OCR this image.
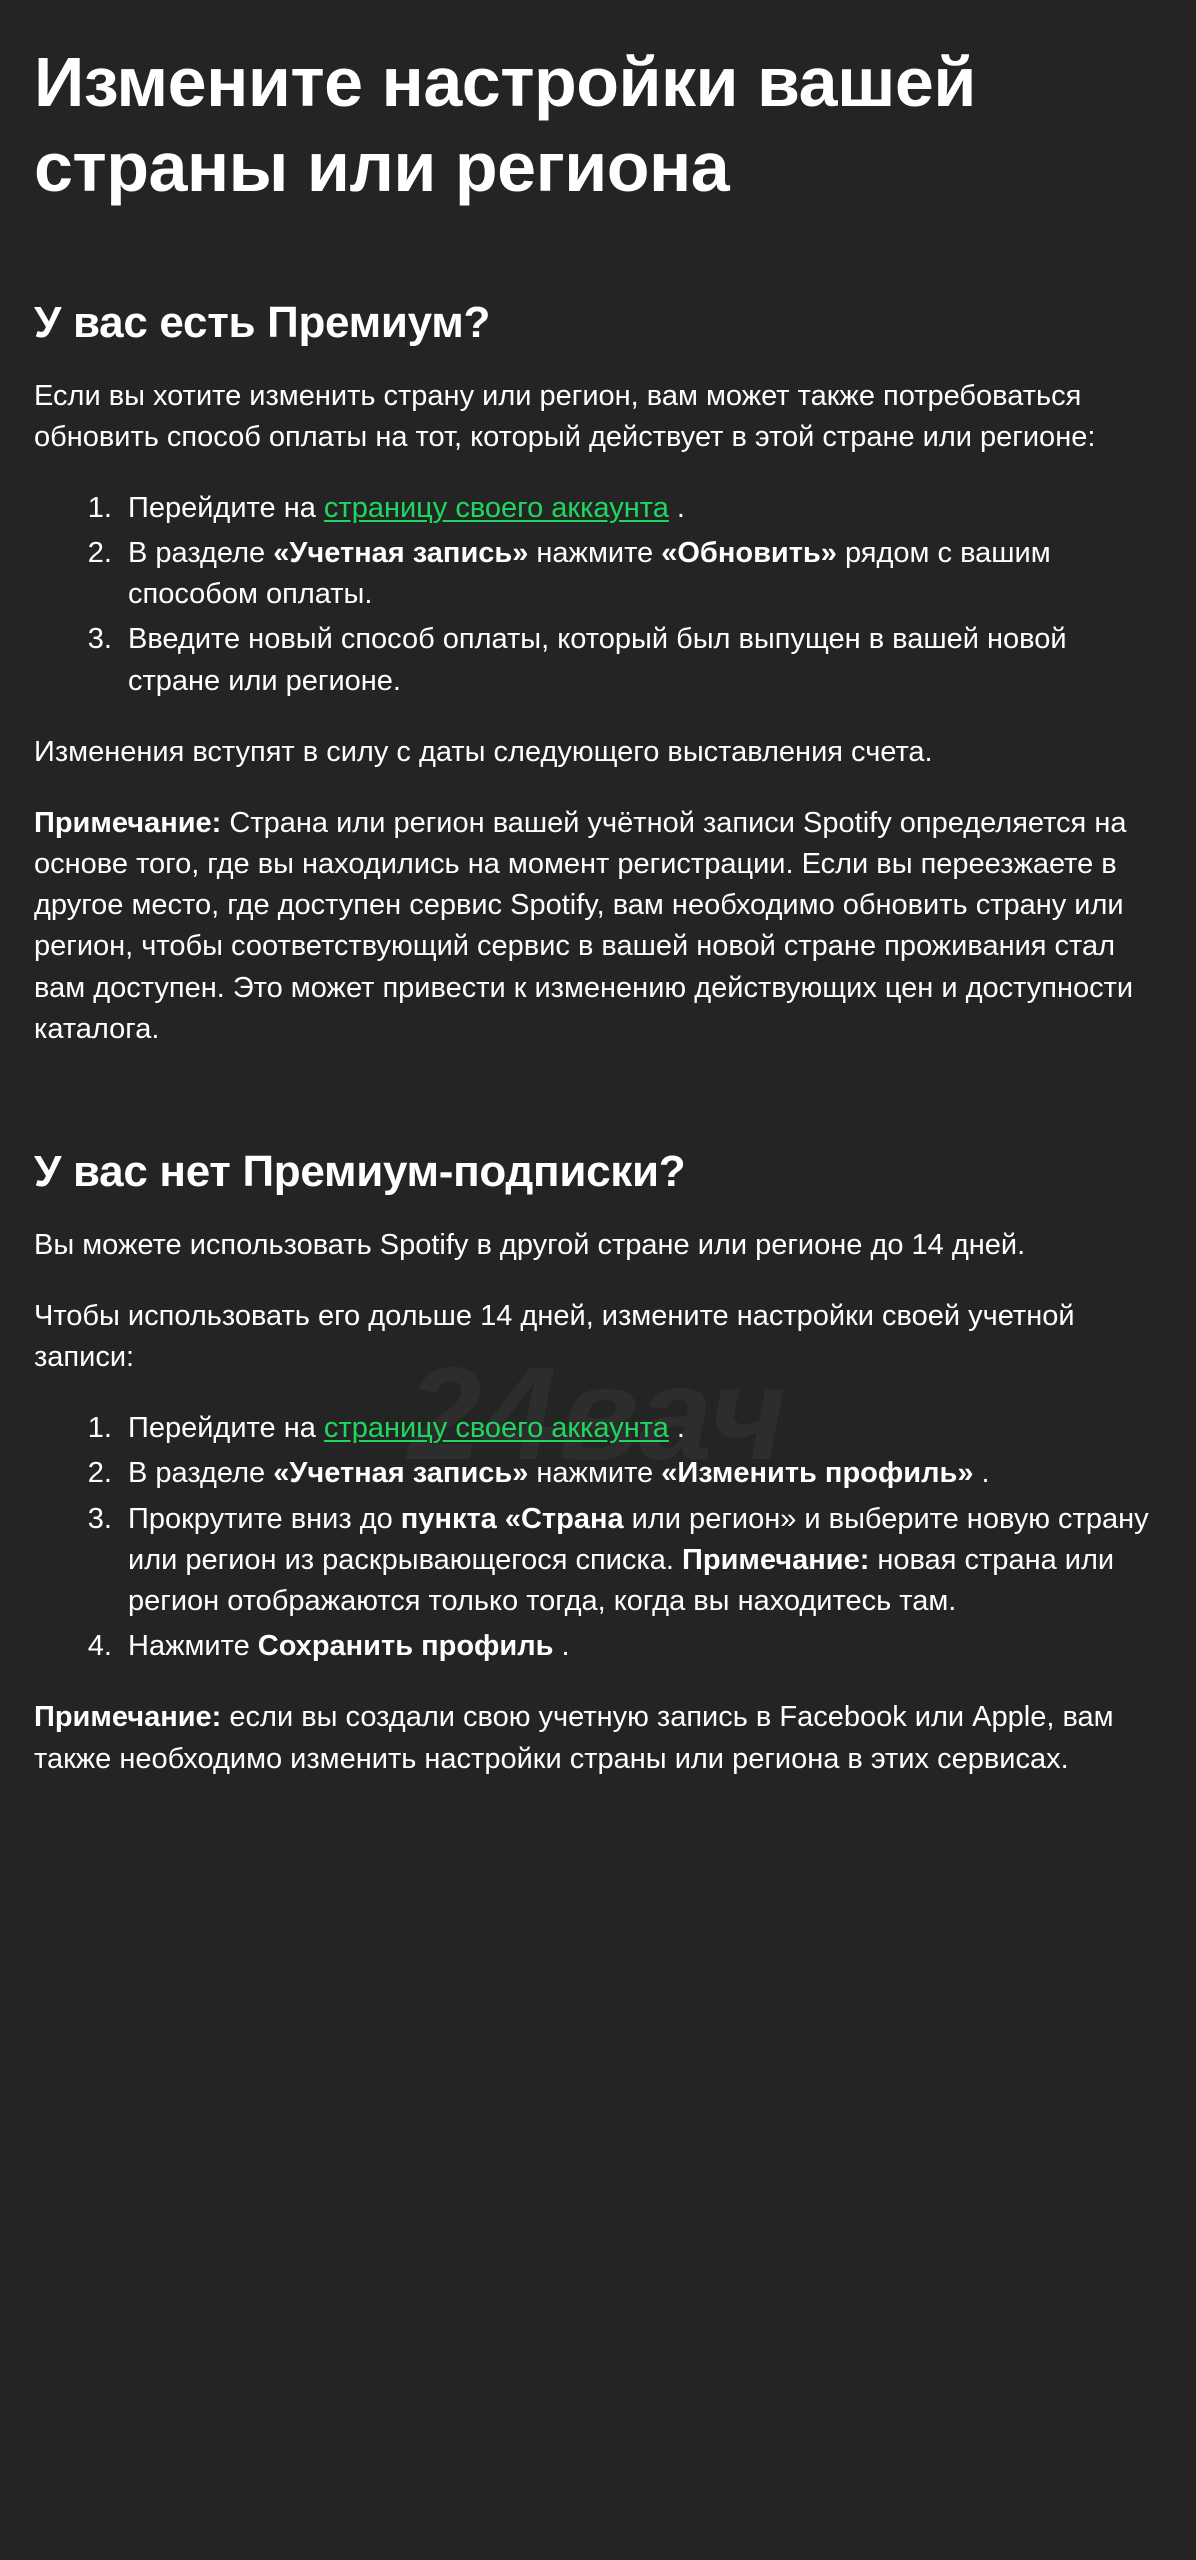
Измените настройки вашей страны или региона
У вас есть Премиум?

Если вы хотите изменить страну или регион, вам может также потребоваться обновить способ оплаты на тот, который действует в этой стране или регионе:

1. Перейдите на страницу своего аккаунта .
2. В разделе «Учетная запись» нажмите «Обновить» рядом с вашим способом оплаты.
3. Введите новый способ оплаты, который был выпущен в вашей новой стране или регионе.

Изменения вступят в силу с даты следующего выставления счета.

Примечание: Страна или регион вашей учётной записи Spotify определяется на основе того, где вы находились на момент регистрации. Если вы переезжаете в другое место, где доступен сервис Spotify, вам необходимо обновить страну или регион, чтобы соответствующий сервис в вашей новой стране проживания стал вам доступен. Это может привести к изменению действующих цен и доступности каталога.

У вас нет Премиум-подписки?

Вы можете использовать Spotify в другой стране или регионе до 14 дней.

Чтобы использовать его дольше 14 дней, измените настройки своей учетной записи:

1. Перейдите на страницу своего аккаунта .
2. В разделе «Учетная запись» нажмите «Изменить профиль» .
3. Прокрутите вниз до пункта «Страна или регион» и выберите новую страну или регион из раскрывающегося списка. Примечание: новая страна или регион отображаются только тогда, когда вы находитесь там.
4. Нажмите Сохранить профиль .

Примечание: если вы создали свою учетную запись в Facebook или Apple, вам также необходимо изменить настройки страны или региона в этих сервисах.
